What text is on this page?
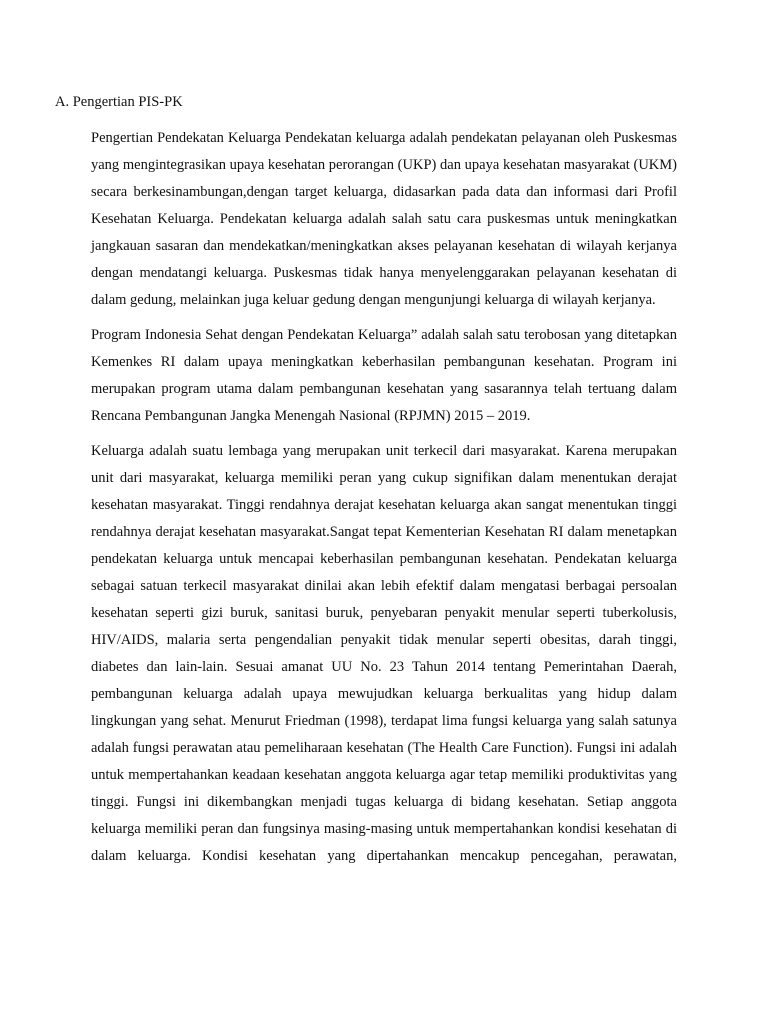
A. Pengertian PIS-PK

Pengertian Pendekatan Keluarga Pendekatan keluarga adalah pendekatan pelayanan oleh Puskesmas yang mengintegrasikan upaya kesehatan perorangan (UKP) dan upaya kesehatan masyarakat (UKM) secara berkesinambungan,dengan target keluarga, didasarkan pada data dan informasi dari Profil Kesehatan Keluarga. Pendekatan keluarga adalah salah satu cara puskesmas untuk meningkatkan jangkauan sasaran dan mendekatkan/meningkatkan akses pelayanan kesehatan di wilayah kerjanya dengan mendatangi keluarga. Puskesmas tidak hanya menyelenggarakan pelayanan kesehatan di dalam gedung, melainkan juga keluar gedung dengan mengunjungi keluarga di wilayah kerjanya.

Program Indonesia Sehat dengan Pendekatan Keluarga” adalah salah satu terobosan yang ditetapkan Kemenkes RI dalam upaya meningkatkan keberhasilan pembangunan kesehatan. Program ini merupakan program utama dalam pembangunan kesehatan yang sasarannya telah tertuang dalam Rencana Pembangunan Jangka Menengah Nasional (RPJMN) 2015 – 2019.

Keluarga adalah suatu lembaga yang merupakan unit terkecil dari masyarakat. Karena merupakan unit dari masyarakat, keluarga memiliki peran yang cukup signifikan dalam menentukan derajat kesehatan masyarakat. Tinggi rendahnya derajat kesehatan keluarga akan sangat menentukan tinggi rendahnya derajat kesehatan masyarakat.Sangat tepat Kementerian Kesehatan RI dalam menetapkan pendekatan keluarga untuk mencapai keberhasilan pembangunan kesehatan. Pendekatan keluarga sebagai satuan terkecil masyarakat dinilai akan lebih efektif dalam mengatasi berbagai persoalan kesehatan seperti gizi buruk, sanitasi buruk, penyebaran penyakit menular seperti tuberkolusis, HIV/AIDS, malaria serta pengendalian penyakit tidak menular seperti obesitas, darah tinggi, diabetes dan lain-lain. Sesuai amanat UU No. 23 Tahun 2014 tentang Pemerintahan Daerah, pembangunan keluarga adalah upaya mewujudkan keluarga berkualitas yang hidup dalam lingkungan yang sehat. Menurut Friedman (1998), terdapat lima fungsi keluarga yang salah satunya adalah fungsi perawatan atau pemeliharaan kesehatan (The Health Care Function). Fungsi ini adalah untuk mempertahankan keadaan kesehatan anggota keluarga agar tetap memiliki produktivitas yang tinggi. Fungsi ini dikembangkan menjadi tugas keluarga di bidang kesehatan. Setiap anggota keluarga memiliki peran dan fungsinya masing-masing untuk mempertahankan kondisi kesehatan di dalam keluarga. Kondisi kesehatan yang dipertahankan mencakup pencegahan, perawatan,
